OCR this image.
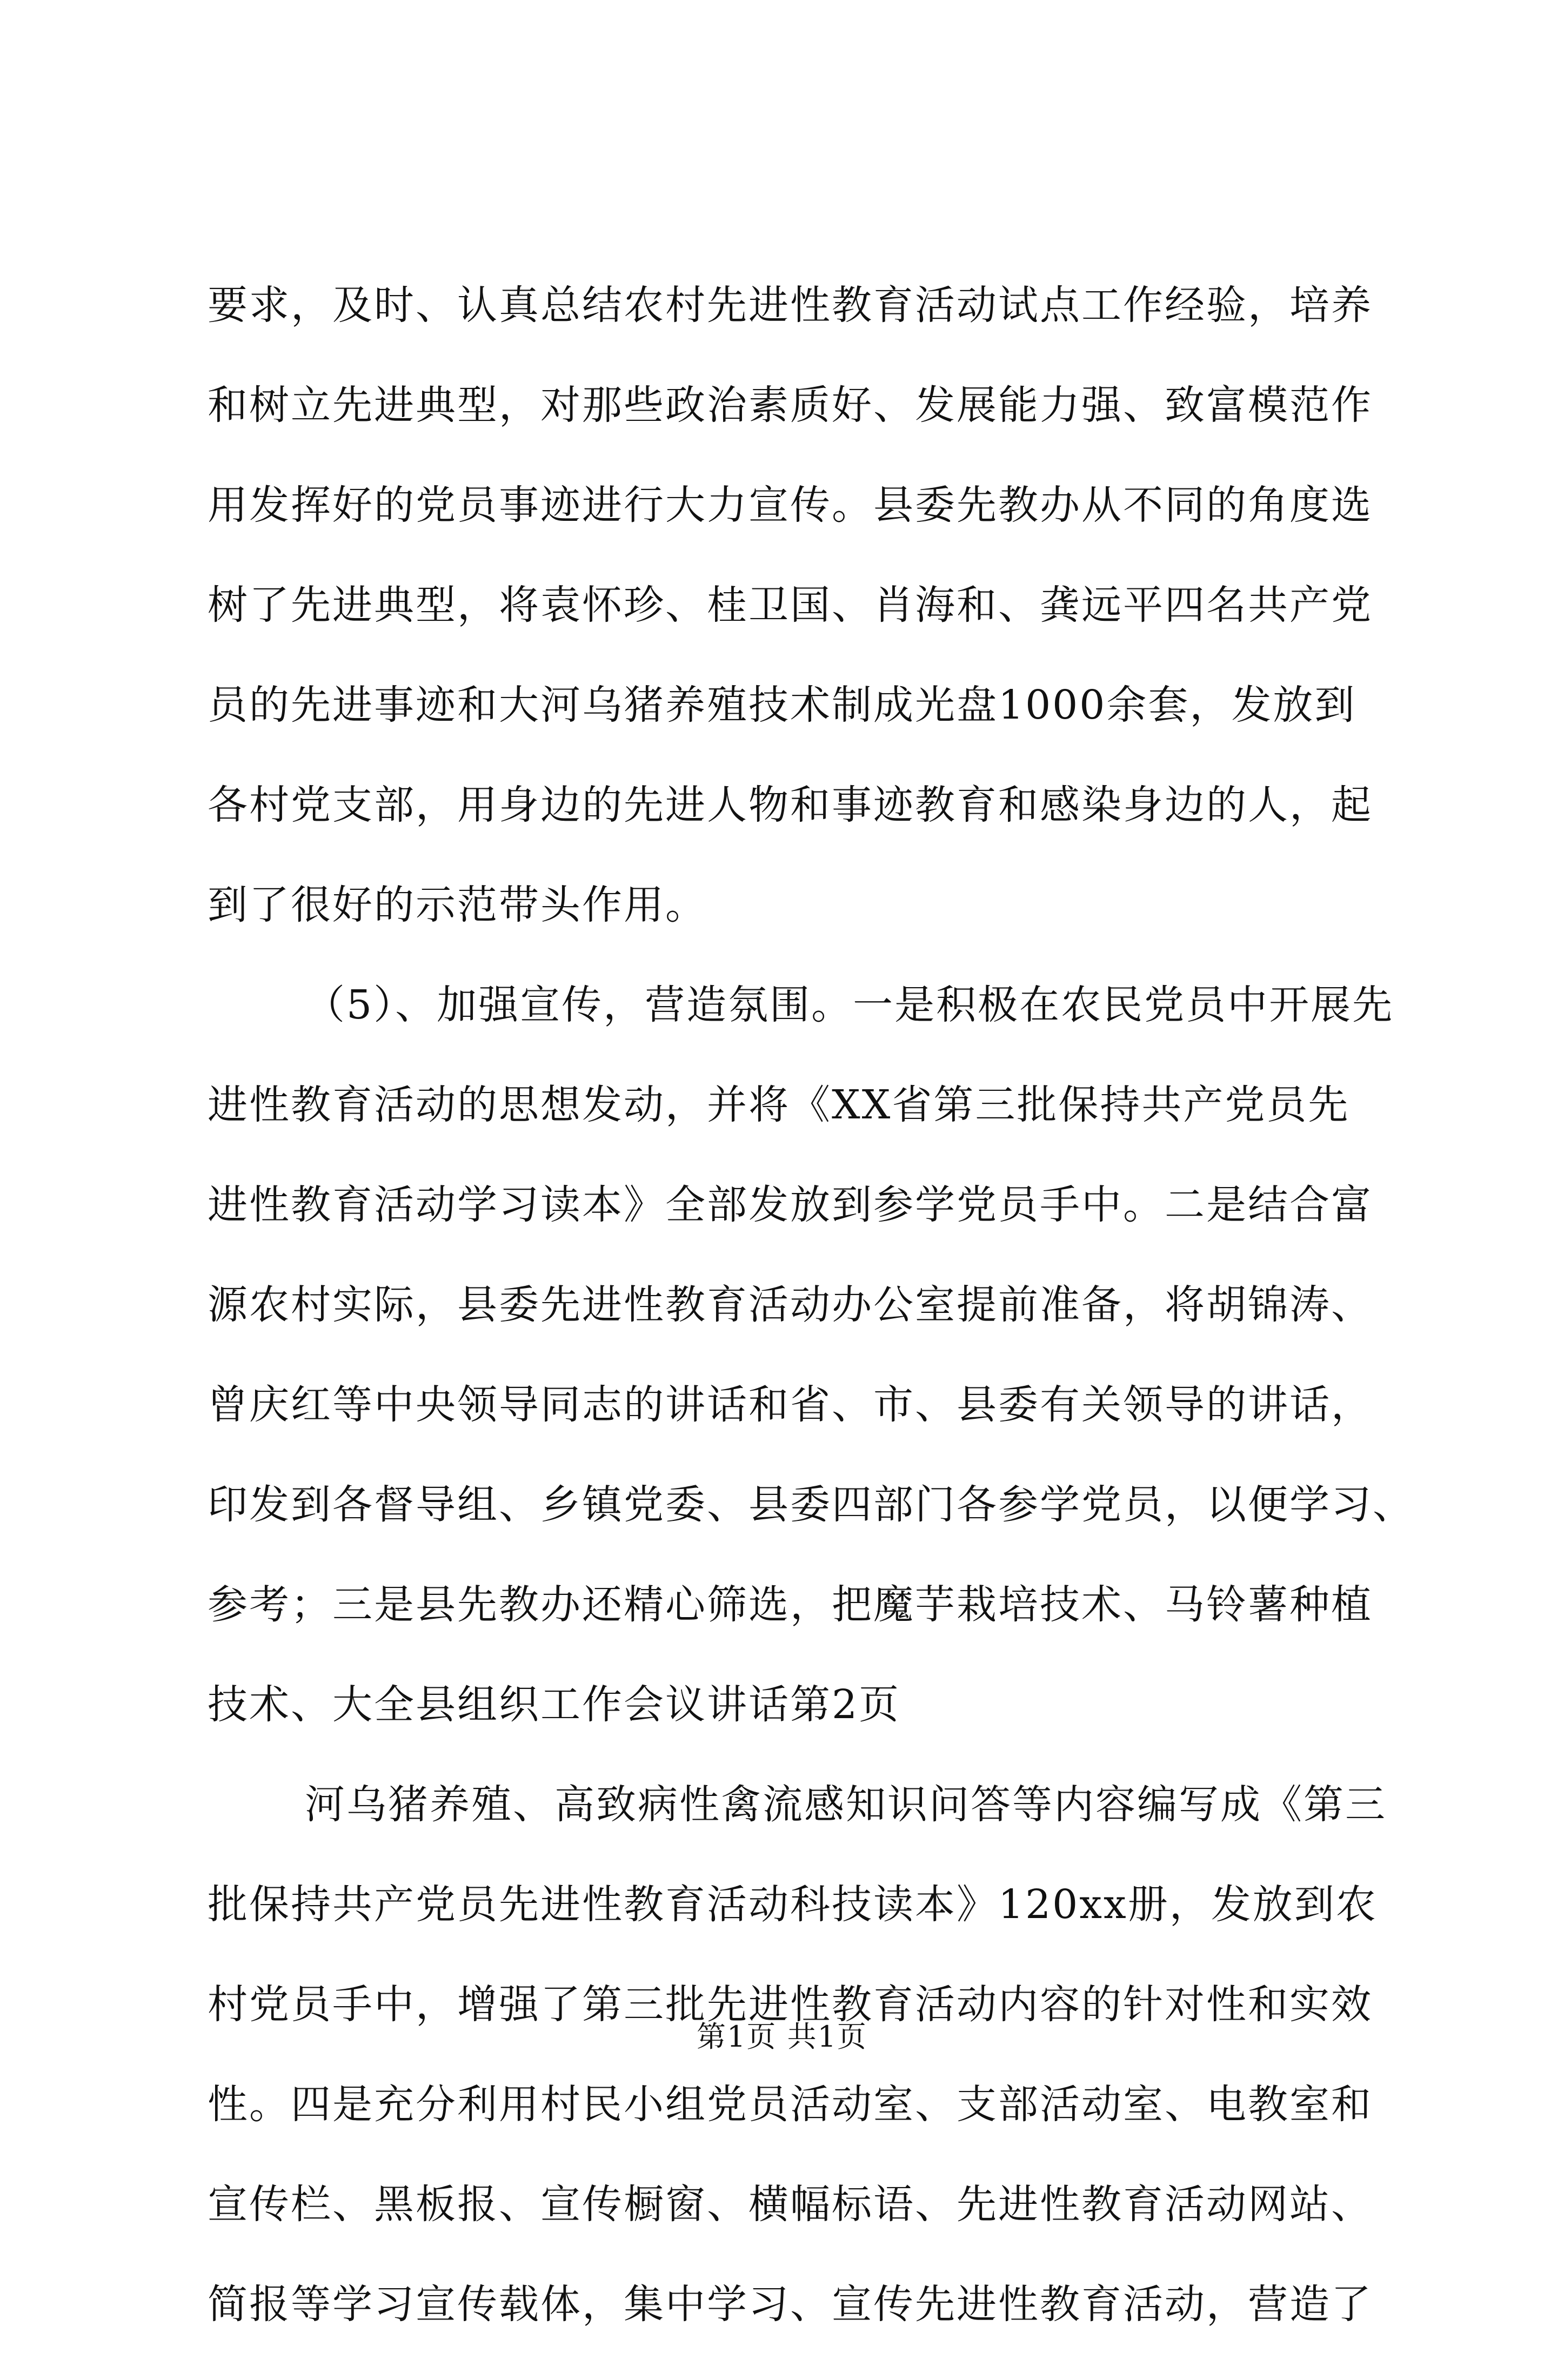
要求，及时、认真总结农村先进性教育活动试点工作经验，培养
和树立先进典型，对那些政治素质好、发展能力强、致富模范作
用发挥好的党员事迹进行大力宣传。县委先教办从不同的角度选
树了先进典型，将袁怀珍、桂卫国、肖海和、龚远平四名共产党
员的先进事迹和大河乌猪养殖技术制成光盘1000余套，发放到
各村党支部，用身边的先进人物和事迹教育和感染身边的人，起
到了很好的示范带头作用。
（5）、加强宣传，营造氛围。一是积极在农民党员中开展先
进性教育活动的思想发动，并将《XX省第三批保持共产党员先
进性教育活动学习读本》全部发放到参学党员手中。二是结合富
源农村实际，县委先进性教育活动办公室提前准备，将胡锦涛、
曾庆红等中央领导同志的讲话和省、市、县委有关领导的讲话，
印发到各督导组、乡镇党委、县委四部门各参学党员，以便学习、
参考；三是县先教办还精心筛选，把魔芋栽培技术、马铃薯种植
技术、大全县组织工作会议讲话第2页
河乌猪养殖、高致病性禽流感知识问答等内容编写成《第三
批保持共产党员先进性教育活动科技读本》120xx册，发放到农
村党员手中，增强了第三批先进性教育活动内容的针对性和实效
性。四是充分利用村民小组党员活动室、支部活动室、电教室和
宣传栏、黑板报、宣传橱窗、横幅标语、先进性教育活动网站、
简报等学习宣传载体，集中学习、宣传先进性教育活动，营造了
第1页 共1页
